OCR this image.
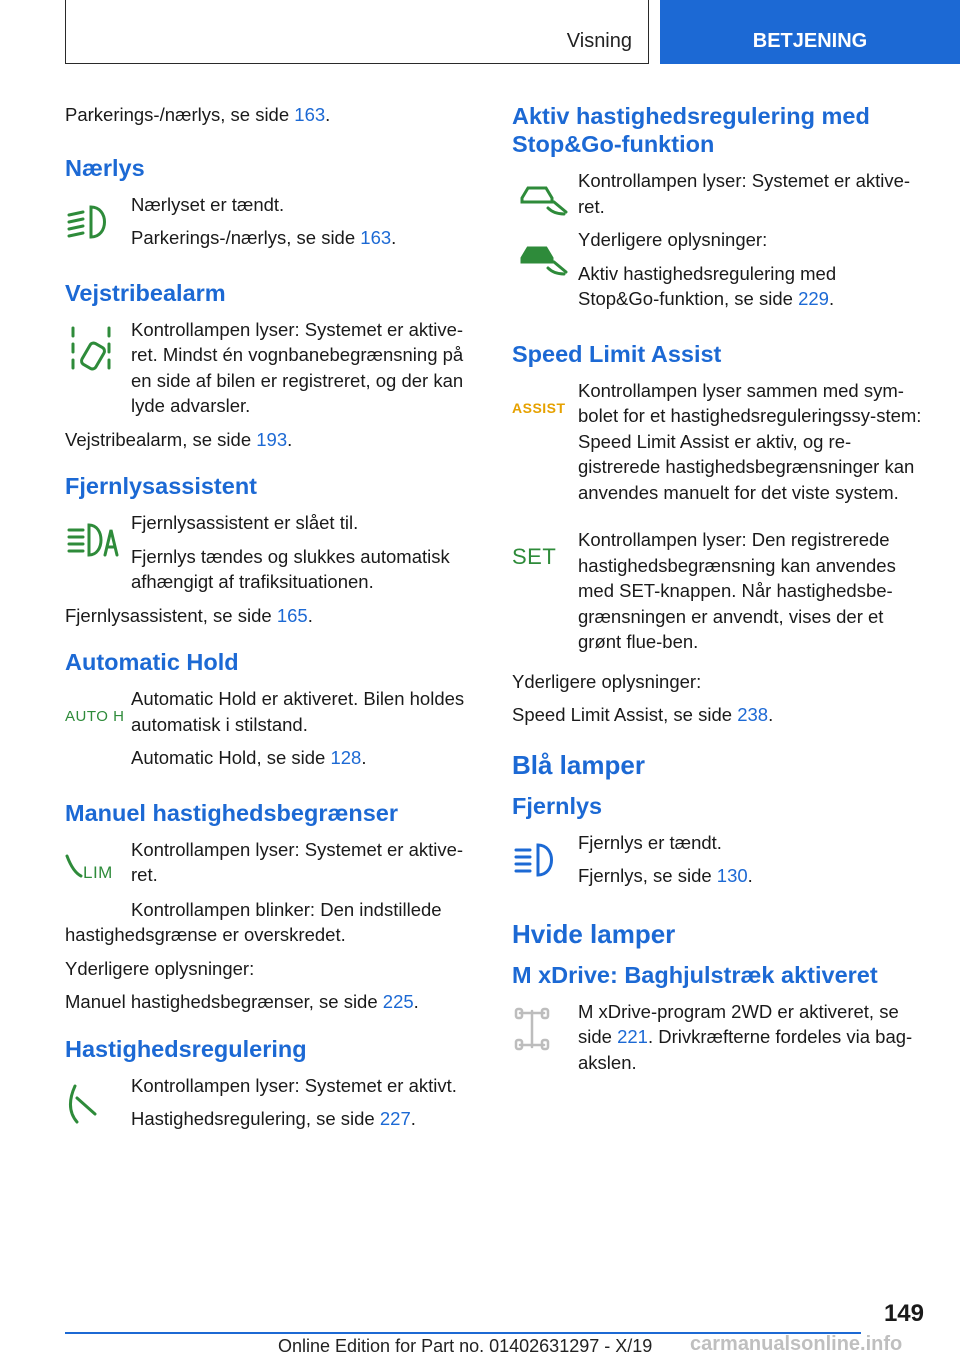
Visning	BETJENING

Parkerings-/nærlys, se side 163.

Nærlys

Nærlyset er tændt.

Parkerings-/nærlys, se side 163.

Vejstribealarm

Kontrollampen lyser: Systemet er aktive-ret. Mindst én vognbanebegrænsning på en side af bilen er registreret, og der kan lyde advarsler.

Vejstribealarm, se side 193.

Fjernlysassistent

Fjernlysassistent er slået til.

Fjernlys tændes og slukkes automatisk afhængigt af trafiksituationen.

Fjernlysassistent, se side 165.

Automatic Hold
AUTO H

Automatic Hold er aktiveret. Bilen holdes automatisk i stilstand.

Automatic Hold, se side 128.

Manuel hastighedsbegrænser
LIM

Kontrollampen lyser: Systemet er aktive-ret.

Kontrollampen blinker: Den indstillede hastighedsgrænse er overskredet.

Yderligere oplysninger:

Manuel hastighedsbegrænser, se side 225.

Hastighedsregulering

Kontrollampen lyser: Systemet er aktivt.

Hastighedsregulering, se side 227.

Aktiv hastighedsregulering med Stop&Go-funktion

Kontrollampen lyser: Systemet er aktive-ret.

Yderligere oplysninger:

Aktiv hastighedsregulering med

Stop&Go-funktion, se side 229.

Speed Limit Assist
ASSIST

Kontrollampen lyser sammen med sym-bolet for et hastighedsreguleringssy-stem: Speed Limit Assist er aktiv, og re-gistrerede hastighedsbegrænsninger kan anvendes manuelt for det viste system.

SET

Kontrollampen lyser: Den registrerede hastighedsbegrænsning kan anvendes med SET-knappen. Når hastighedsbe-grænsningen er anvendt, vises der et grønt flue-ben.

Yderligere oplysninger:

Speed Limit Assist, se side 238.

Blå lamper
Fjernlys

Fjernlys er tændt.

Fjernlys, se side 130.

Hvide lamper
M xDrive: Baghjulstræk aktiveret

M xDrive-program 2WD er aktiveret, se side 221. Drivkræfterne fordeles via bag-akslen.

149
Online Edition for Part no. 01402631297 - X/19 carmanualsonline.info
